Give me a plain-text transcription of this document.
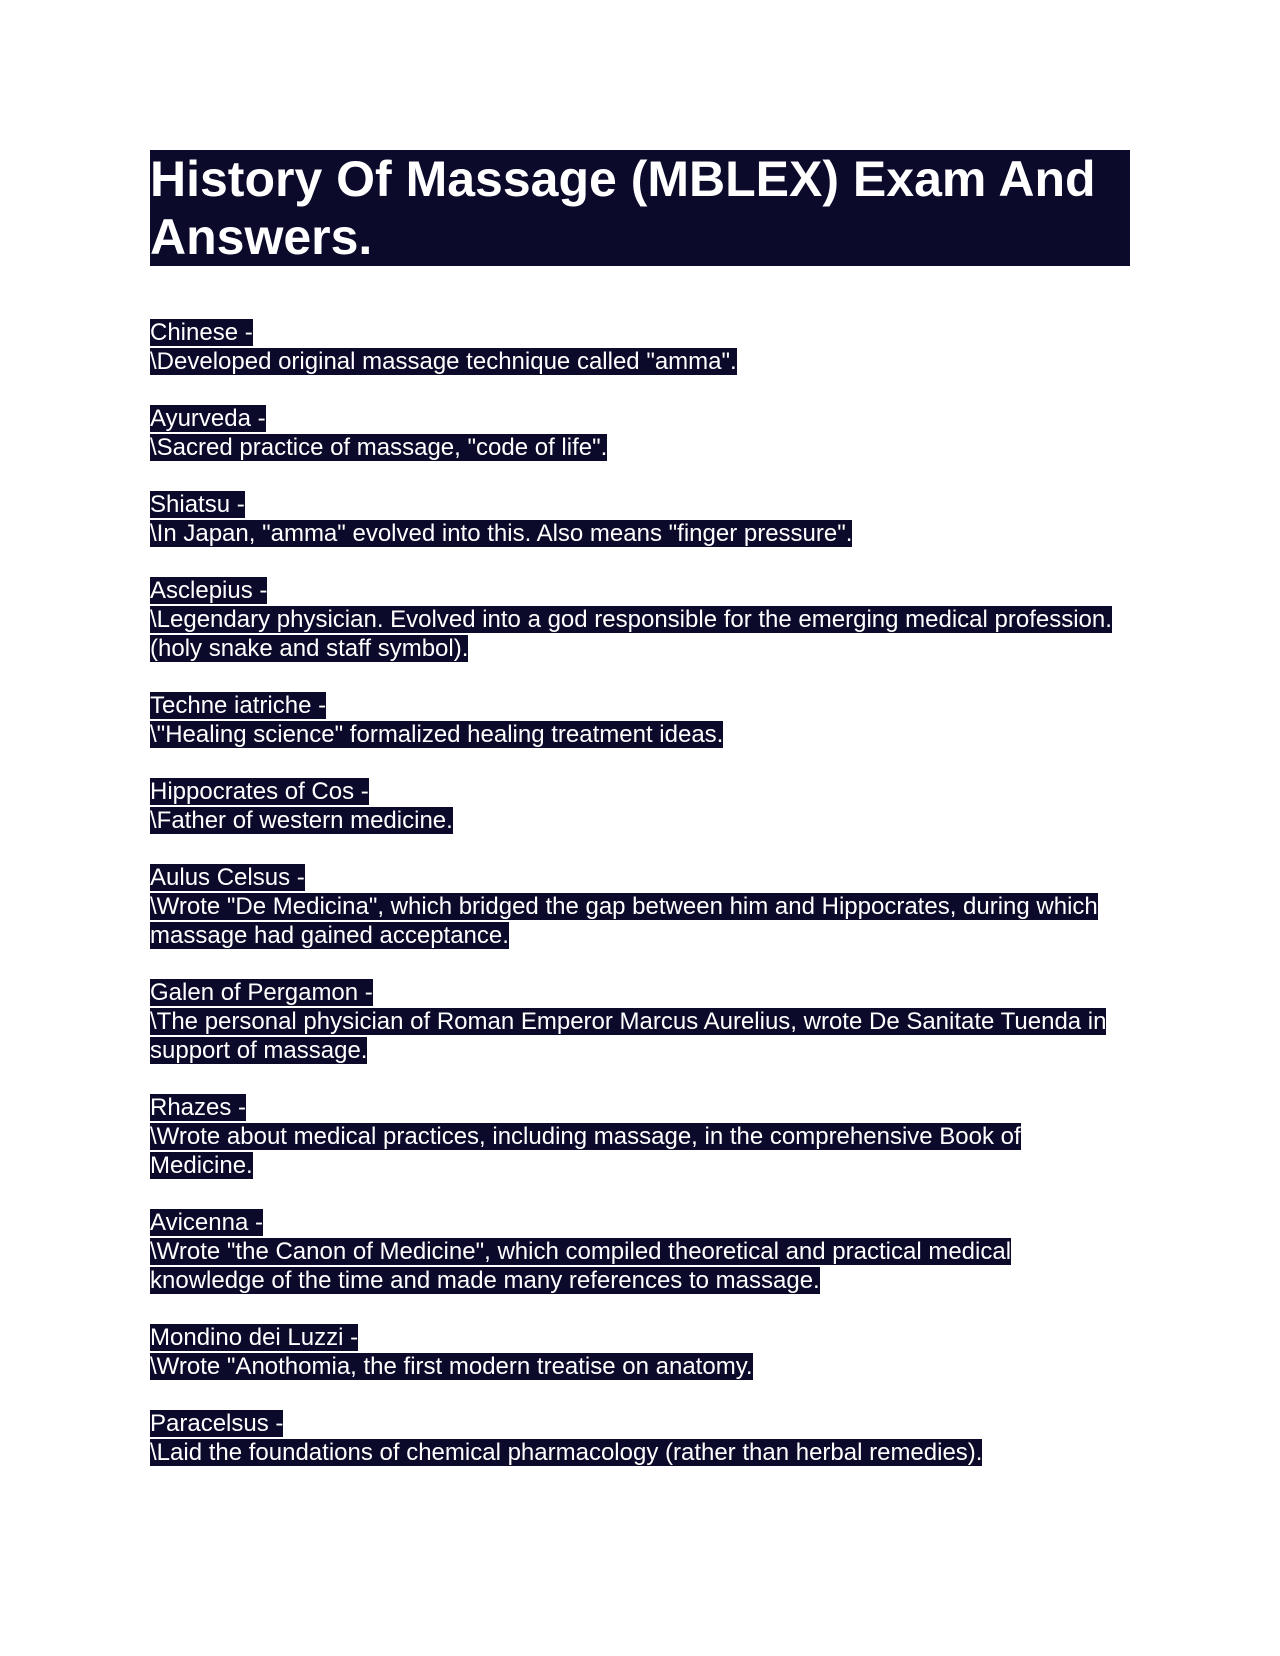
History Of Massage (MBLEX) Exam And Answers.
Chinese -
\Developed original massage technique called "amma".
Ayurveda -
\Sacred practice of massage, "code of life".
Shiatsu -
\In Japan, "amma" evolved into this. Also means "finger pressure".
Asclepius -
\Legendary physician. Evolved into a god responsible for the emerging medical profession. (holy snake and staff symbol).
Techne iatriche -
\"Healing science" formalized healing treatment ideas.
Hippocrates of Cos -
\Father of western medicine.
Aulus Celsus -
\Wrote "De Medicina", which bridged the gap between him and Hippocrates, during which massage had gained acceptance.
Galen of Pergamon -
\The personal physician of Roman Emperor Marcus Aurelius, wrote De Sanitate Tuenda in support of massage.
Rhazes -
\Wrote about medical practices, including massage, in the comprehensive Book of Medicine.
Avicenna -
\Wrote "the Canon of Medicine", which compiled theoretical and practical medical knowledge of the time and made many references to massage.
Mondino dei Luzzi -
\Wrote "Anothomia, the first modern treatise on anatomy.
Paracelsus -
\Laid the foundations of chemical pharmacology (rather than herbal remedies).
